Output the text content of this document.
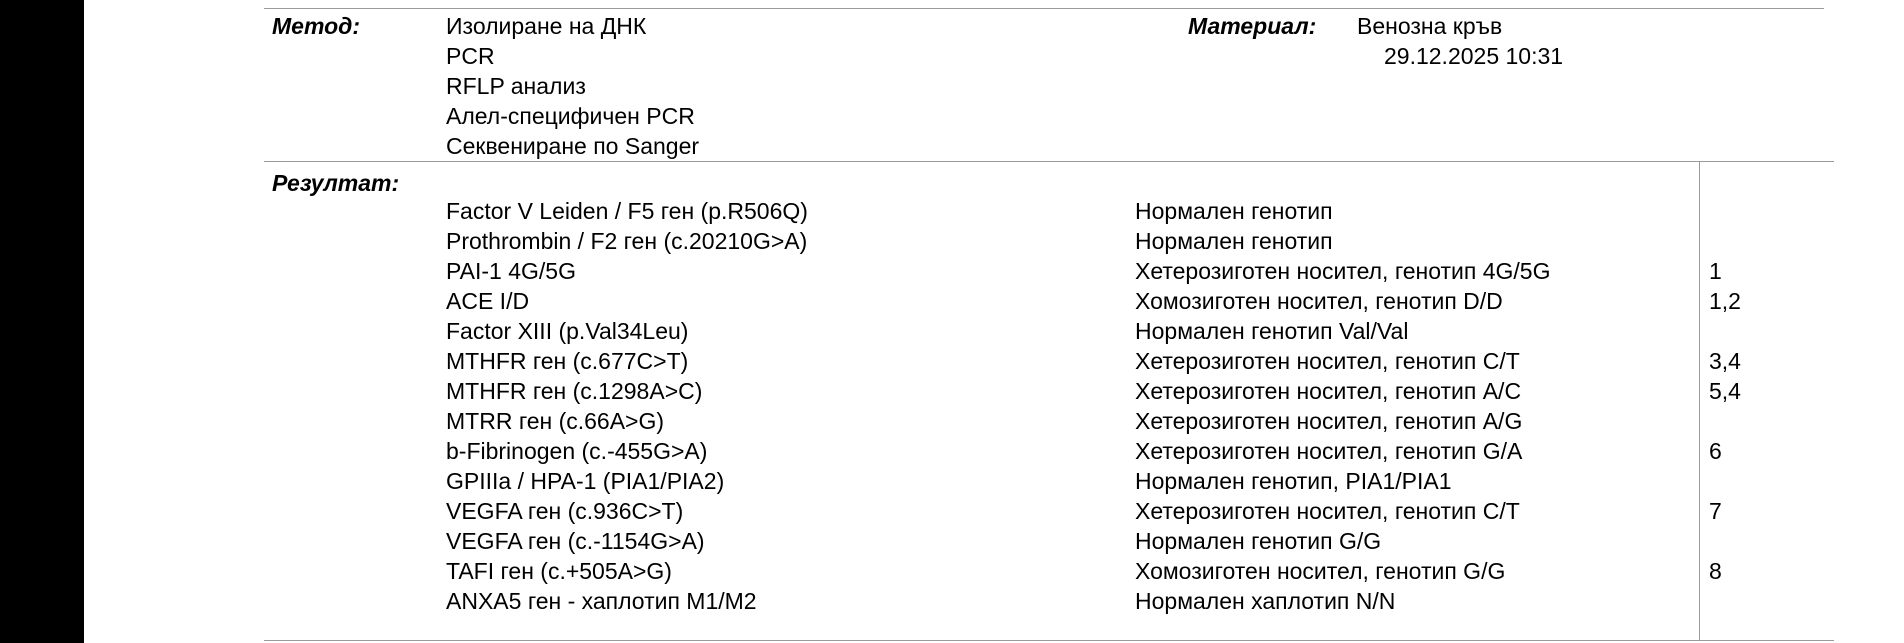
Метод:	Изолиране на ДНК
PCR
RFLP анализ
Алел-специфичен PCR
Секвениране по Sanger
Материал: Венозна кръв
29.12.2025 10:31
Резултат:
Factor V Leiden / F5 ген (p.R506Q)	Нормален генотип
Prothrombin / F2 ген (c.20210G>A)	Нормален генотип
PAI-1 4G/5G	Хетерозиготен носител, генотип 4G/5G	1
ACE I/D	Хомозиготен носител, генотип D/D	1,2
Factor XIII (p.Val34Leu)	Нормален генотип Val/Val
MTHFR ген (c.677C>T)	Хетерозиготен носител, генотип C/T	3,4
MTHFR ген (c.1298A>C)	Хетерозиготен носител, генотип A/C	5,4
MTRR ген (c.66A>G)	Хетерозиготен носител, генотип A/G
b-Fibrinogen (c.-455G>A)	Хетерозиготен носител, генотип G/A	6
GPIIIa / HPA-1 (PIA1/PIA2)	Нормален генотип, PIA1/PIA1
VEGFA ген (c.936C>T)	Хетерозиготен носител, генотип C/T	7
VEGFA ген (c.-1154G>A)	Нормален генотип G/G
TAFI ген (c.+505A>G)	Хомозиготен носител, генотип G/G	8
ANXA5 ген - хаплотип M1/M2	Нормален хаплотип N/N
